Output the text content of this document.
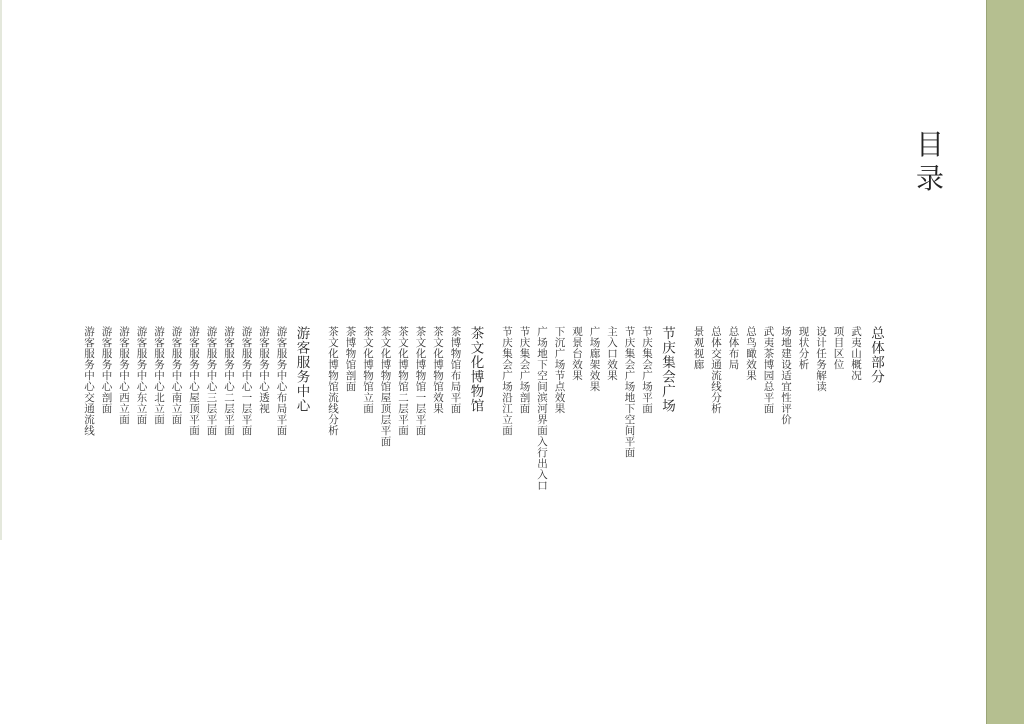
目
录
总体部分
武夷山概况
项目区位
设计任务解读
现状分析
场地建设适宜性评价
武夷茶博园总平面
总鸟瞰效果
总体布局
总体交通流线分析
景观视廊
节庆集会广场
节庆集会广场平面
节庆集会广场地下空间平面
主入口效果
广场廊架效果
观景台效果
下沉广场节点效果
广场地下空间滨河界面入行出入口
节庆集会广场剖面
节庆集会广场沿江立面
茶文化博物馆
茶博物馆布局平面
茶文化博物馆效果
茶文化博物馆一层平面
茶文化博物馆二层平面
茶文化博物馆屋顶层平面
茶文化博物馆立面
茶博物馆剖面
茶文化博物馆流线分析
游客服务中心
游客服务中心布局平面
游客服务中心透视
游客服务中心一层平面
游客服务中心二层平面
游客服务中心三层平面
游客服务中心屋顶平面
游客服务中心南立面
游客服务中心北立面
游客服务中心东立面
游客服务中心西立面
游客服务中心剖面
游客服务中心交通流线
